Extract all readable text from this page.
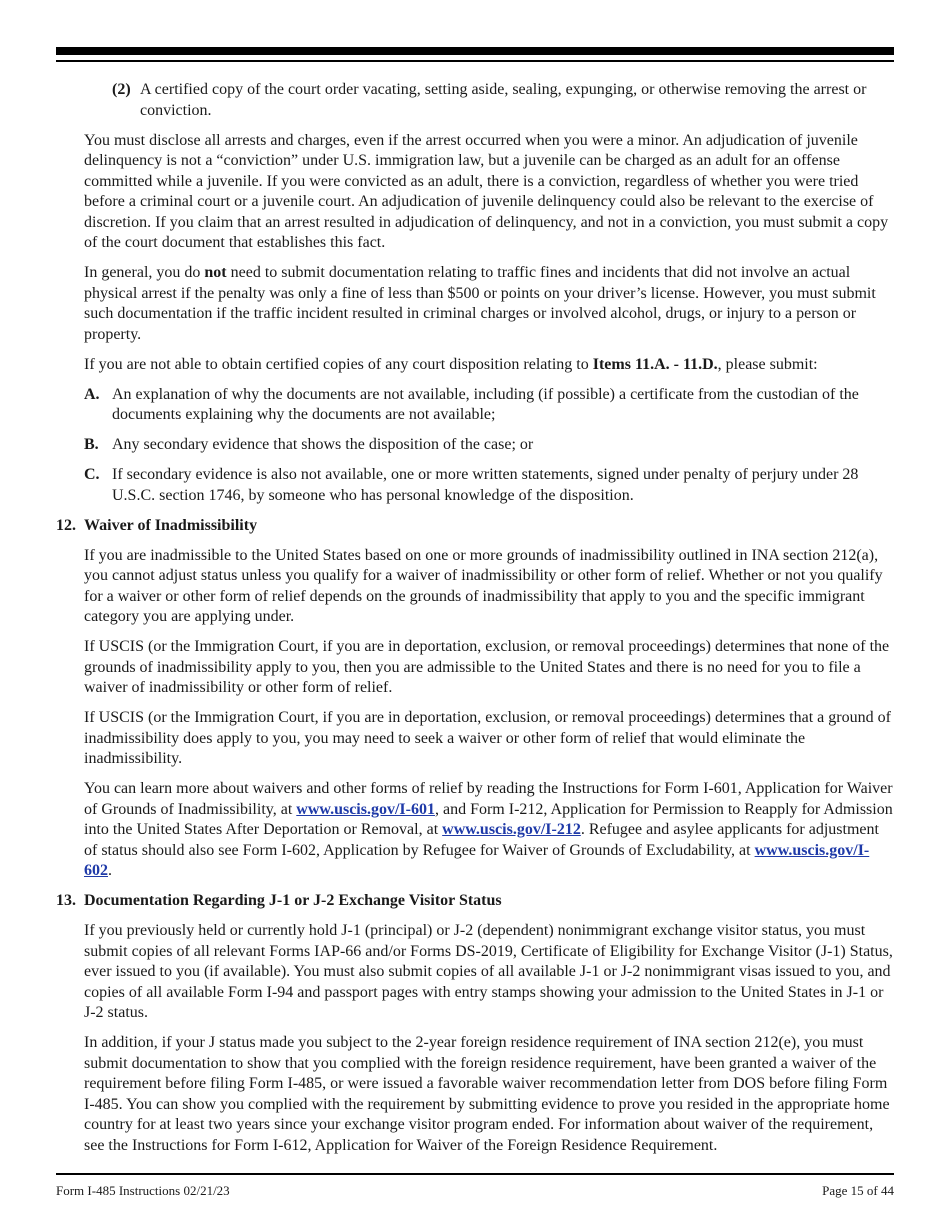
(2) A certified copy of the court order vacating, setting aside, sealing, expunging, or otherwise removing the arrest or conviction.

You must disclose all arrests and charges, even if the arrest occurred when you were a minor. An adjudication of juvenile delinquency is not a “conviction” under U.S. immigration law, but a juvenile can be charged as an adult for an offense committed while a juvenile. If you were convicted as an adult, there is a conviction, regardless of whether you were tried before a criminal court or a juvenile court. An adjudication of juvenile delinquency could also be relevant to the exercise of discretion. If you claim that an arrest resulted in adjudication of delinquency, and not in a conviction, you must submit a copy of the court document that establishes this fact.

In general, you do not need to submit documentation relating to traffic fines and incidents that did not involve an actual physical arrest if the penalty was only a fine of less than $500 or points on your driver’s license. However, you must submit such documentation if the traffic incident resulted in criminal charges or involved alcohol, drugs, or injury to a person or property.

If you are not able to obtain certified copies of any court disposition relating to Items 11.A. - 11.D., please submit:

A. An explanation of why the documents are not available, including (if possible) a certificate from the custodian of the documents explaining why the documents are not available;

B. Any secondary evidence that shows the disposition of the case; or

C. If secondary evidence is also not available, one or more written statements, signed under penalty of perjury under 28 U.S.C. section 1746, by someone who has personal knowledge of the disposition.

12. Waiver of Inadmissibility

If you are inadmissible to the United States based on one or more grounds of inadmissibility outlined in INA section 212(a), you cannot adjust status unless you qualify for a waiver of inadmissibility or other form of relief. Whether or not you qualify for a waiver or other form of relief depends on the grounds of inadmissibility that apply to you and the specific immigrant category you are applying under.

If USCIS (or the Immigration Court, if you are in deportation, exclusion, or removal proceedings) determines that none of the grounds of inadmissibility apply to you, then you are admissible to the United States and there is no need for you to file a waiver of inadmissibility or other form of relief.

If USCIS (or the Immigration Court, if you are in deportation, exclusion, or removal proceedings) determines that a ground of inadmissibility does apply to you, you may need to seek a waiver or other form of relief that would eliminate the inadmissibility.

You can learn more about waivers and other forms of relief by reading the Instructions for Form I-601, Application for Waiver of Grounds of Inadmissibility, at www.uscis.gov/I-601, and Form I-212, Application for Permission to Reapply for Admission into the United States After Deportation or Removal, at www.uscis.gov/I-212. Refugee and asylee applicants for adjustment of status should also see Form I-602, Application by Refugee for Waiver of Grounds of Excludability, at www.uscis.gov/I-602.

13. Documentation Regarding J-1 or J-2 Exchange Visitor Status

If you previously held or currently hold J-1 (principal) or J-2 (dependent) nonimmigrant exchange visitor status, you must submit copies of all relevant Forms IAP-66 and/or Forms DS-2019, Certificate of Eligibility for Exchange Visitor (J-1) Status, ever issued to you (if available). You must also submit copies of all available J-1 or J-2 nonimmigrant visas issued to you, and copies of all available Form I-94 and passport pages with entry stamps showing your admission to the United States in J-1 or J-2 status.

In addition, if your J status made you subject to the 2-year foreign residence requirement of INA section 212(e), you must submit documentation to show that you complied with the foreign residence requirement, have been granted a waiver of the requirement before filing Form I-485, or were issued a favorable waiver recommendation letter from DOS before filing Form I-485. You can show you complied with the requirement by submitting evidence to prove you resided in the appropriate home country for at least two years since your exchange visitor program ended. For information about waiver of the requirement, see the Instructions for Form I-612, Application for Waiver of the Foreign Residence Requirement.

Form I-485 Instructions 02/21/23	Page 15 of 44
